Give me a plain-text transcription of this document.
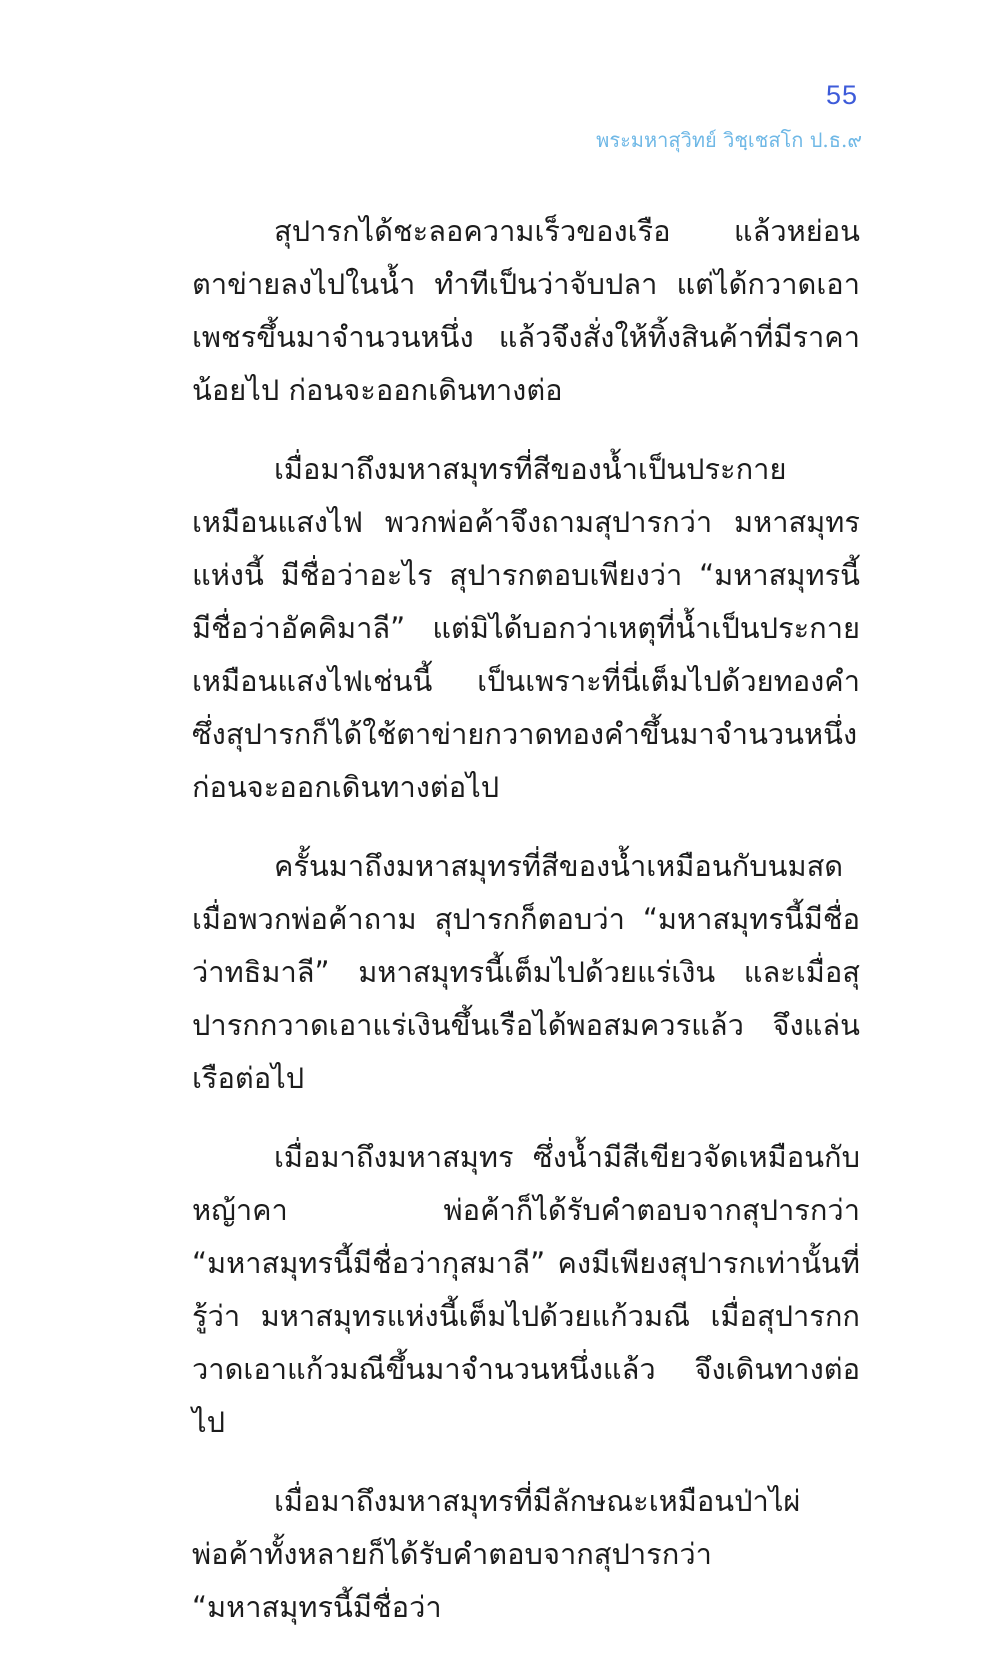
55
พระมหาสุวิทย์ วิชฺเชสโก ป.ธ.๙

สุปารกได้ชะลอความเร็วของเรือ แล้วหย่อนตาข่ายลงไปในน้ำ ทำทีเป็นว่าจับปลา แต่ได้กวาดเอาเพชรขึ้นมาจำนวนหนึ่ง แล้วจึงสั่งให้ทิ้งสินค้าที่มีราคาน้อยไป ก่อนจะออกเดินทางต่อ

เมื่อมาถึงมหาสมุทรที่สีของน้ำเป็นประกายเหมือนแสงไฟ พวกพ่อค้าจึงถามสุปารกว่า มหาสมุทรแห่งนี้ มีชื่อว่าอะไร สุปารกตอบเพียงว่า “มหาสมุทรนี้มีชื่อว่าอัคคิมาลี” แต่มิได้บอกว่าเหตุที่น้ำเป็นประกายเหมือนแสงไฟเช่นนี้ เป็นเพราะที่นี่เต็มไปด้วยทองคำ ซึ่งสุปารกก็ได้ใช้ตาข่ายกวาดทองคำขึ้นมาจำนวนหนึ่ง ก่อนจะออกเดินทางต่อไป

ครั้นมาถึงมหาสมุทรที่สีของน้ำเหมือนกับนมสด เมื่อพวกพ่อค้าถาม สุปารกก็ตอบว่า “มหาสมุทรนี้มีชื่อว่าทธิมาลี” มหาสมุทรนี้เต็มไปด้วยแร่เงิน และเมื่อสุปารกกวาดเอาแร่เงินขึ้นเรือได้พอสมควรแล้ว จึงแล่นเรือต่อไป

เมื่อมาถึงมหาสมุทร ซึ่งน้ำมีสีเขียวจัดเหมือนกับหญ้าคา พ่อค้าก็ได้รับคำตอบจากสุปารกว่า “มหาสมุทรนี้มีชื่อว่ากุสมาลี” คงมีเพียงสุปารกเท่านั้นที่รู้ว่า มหาสมุทรแห่งนี้เต็มไปด้วยแก้วมณี เมื่อสุปารกกวาดเอาแก้วมณีขึ้นมาจำนวนหนึ่งแล้ว จึงเดินทางต่อไป

เมื่อมาถึงมหาสมุทรที่มีลักษณะเหมือนป่าไผ่ พ่อค้าทั้งหลายก็ได้รับคำตอบจากสุปารกว่า “มหาสมุทรนี้มีชื่อว่า
